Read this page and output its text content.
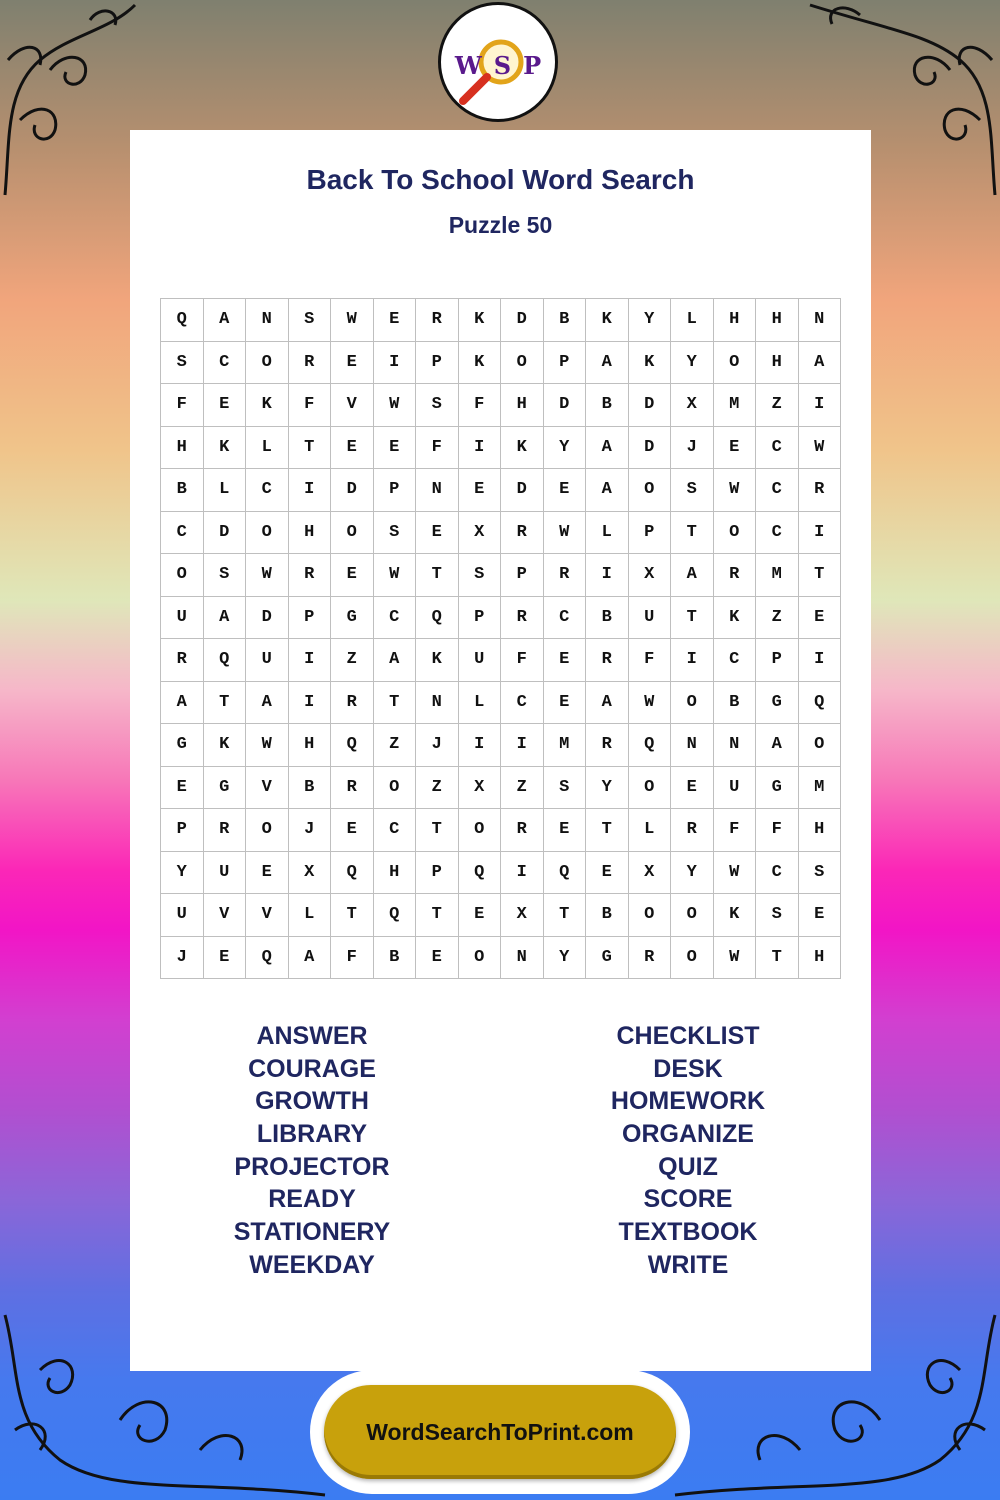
WSP
Back To School Word Search
Puzzle 50
Q	A	N	S	W	E	R	K	D	B	K	Y	L	H	H	N
S	C	O	R	E	I	P	K	O	P	A	K	Y	O	H	A
F	E	K	F	V	W	S	F	H	D	B	D	X	M	Z	I
H	K	L	T	E	E	F	I	K	Y	A	D	J	E	C	W
B	L	C	I	D	P	N	E	D	E	A	O	S	W	C	R
C	D	O	H	O	S	E	X	R	W	L	P	T	O	C	I
O	S	W	R	E	W	T	S	P	R	I	X	A	R	M	T
U	A	D	P	G	C	Q	P	R	C	B	U	T	K	Z	E
R	Q	U	I	Z	A	K	U	F	E	R	F	I	C	P	I
A	T	A	I	R	T	N	L	C	E	A	W	O	B	G	Q
G	K	W	H	Q	Z	J	I	I	M	R	Q	N	N	A	O
E	G	V	B	R	O	Z	X	Z	S	Y	O	E	U	G	M
P	R	O	J	E	C	T	O	R	E	T	L	R	F	F	H
Y	U	E	X	Q	H	P	Q	I	Q	E	X	Y	W	C	S
U	V	V	L	T	Q	T	E	X	T	B	O	O	K	S	E
J	E	Q	A	F	B	E	O	N	Y	G	R	O	W	T	H
ANSWER
COURAGE
GROWTH
LIBRARY
PROJECTOR
READY
STATIONERY
WEEKDAY
CHECKLIST
DESK
HOMEWORK
ORGANIZE
QUIZ
SCORE
TEXTBOOK
WRITE
WordSearchToPrint.com
